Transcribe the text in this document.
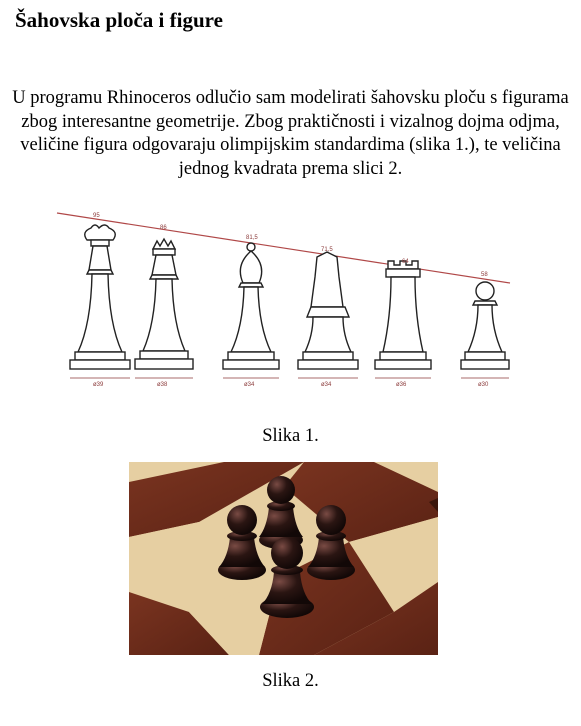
Šahovska ploča i figure

U programu Rhinoceros odlučio sam modelirati šahovsku ploču s figurama zbog interesantne geometrije. Zbog praktičnosti i vizalnog dojma odjma, veličine figura odgovaraju olimpijskim standardima (slika 1.), te veličina jednog kvadrata prema slici 2.

95
86
81,5
71,5
64
58
ø39	ø38	ø34	ø34	ø36	ø30
Slika 1.
Slika 2.
